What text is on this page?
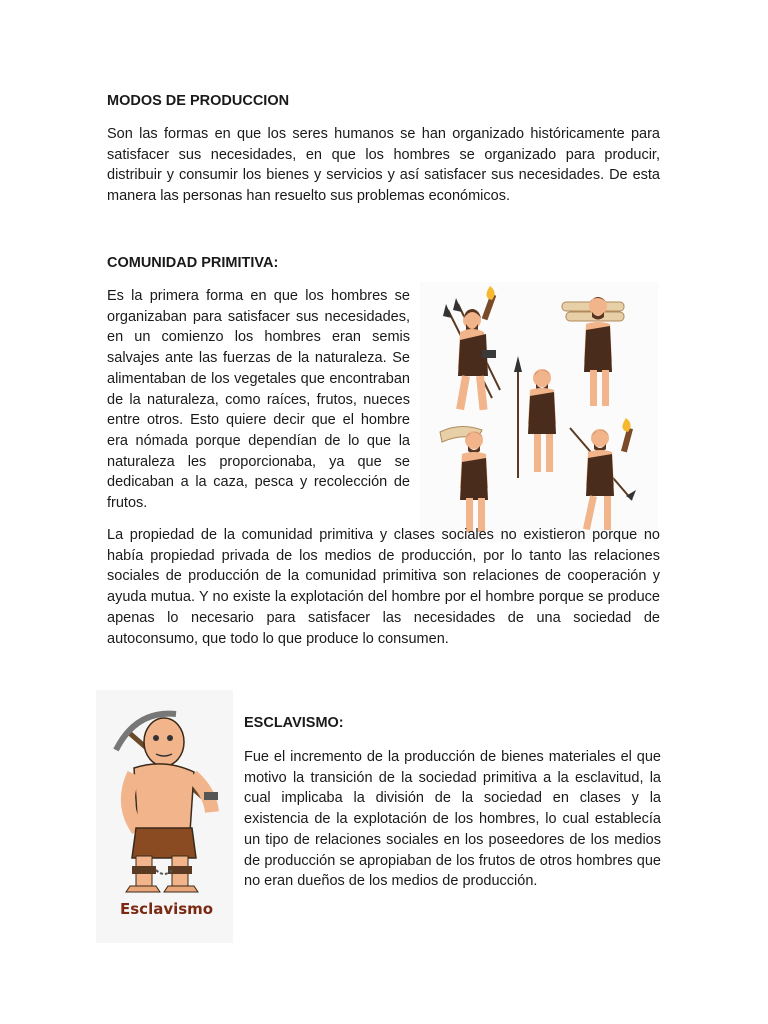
MODOS DE PRODUCCION

Son las formas en que los seres humanos se han organizado históricamente para satisfacer sus necesidades, en que los hombres se organizado para producir, distribuir y consumir los bienes y servicios y así satisfacer sus necesidades. De esta manera las personas han resuelto sus problemas económicos.

COMUNIDAD PRIMITIVA:

Es la primera forma en que los hombres se organizaban para satisfacer sus necesidades, en un comienzo los hombres eran semis salvajes ante las fuerzas de la naturaleza. Se alimentaban de los vegetales que encontraban de la naturaleza, como raíces, frutos, nueces entre otros. Esto quiere decir que el hombre era nómada porque dependían de lo que la naturaleza les proporcionaba, ya que se dedicaban a la caza, pesca y recolección de frutos.

La propiedad de la comunidad primitiva y clases sociales no existieron porque no había propiedad privada de los medios de producción, por lo tanto las relaciones sociales de producción de la comunidad primitiva son relaciones de cooperación y ayuda mutua. Y no existe la explotación del hombre por el hombre porque se produce apenas lo necesario para satisfacer las necesidades de una sociedad de autoconsumo, que todo lo que produce lo consumen.

Esclavismo
ESCLAVISMO:

Fue el incremento de la producción de bienes materiales el que motivo la transición de la sociedad primitiva a la esclavitud, la cual implicaba la división de la sociedad en clases y la existencia de la explotación de los hombres, lo cual establecía un tipo de relaciones sociales en los poseedores de los medios de producción se apropiaban de los frutos de otros hombres que no eran dueños de los medios de producción.
